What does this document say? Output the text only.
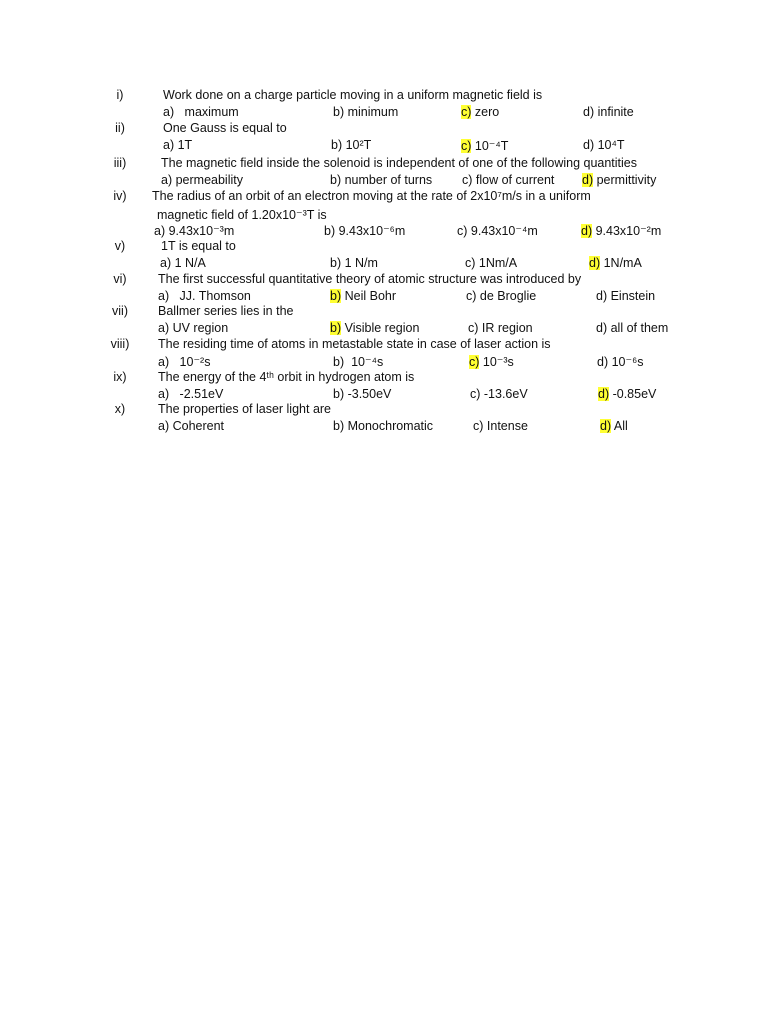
i)	Work done on a charge particle moving in a uniform magnetic field is
a)   maximum	b) minimum	c) zero	d) infinite
ii)	One Gauss is equal to
a) 1T	b) 10²T	c) 10⁻⁴T	d) 10⁴T
iii)	The magnetic field inside the solenoid is independent of one of the following quantities
a) permeability	b) number of turns c) flow of current d) permittivity
iv)	The radius of an orbit of an electron moving at the rate of 2x10⁷m/s in a uniform
magnetic field of 1.20x10⁻³T is
a) 9.43x10⁻³m	b) 9.43x10⁻⁶m	c) 9.43x10⁻⁴m	d) 9.43x10⁻²m
v)	1T is equal to
a) 1 N/A	b) 1 N/m	c) 1Nm/A	d) 1N/mA
vi)	The first successful quantitative theory of atomic structure was introduced by
a)   JJ. Thomson	b) Neil Bohr	c) de Broglie	d) Einstein
vii)	Ballmer series lies in the
a) UV region	b) Visible region	c) IR region	d) all of them
viii)	The residing time of atoms in metastable state in case of laser action is
a)   10⁻²s	b)  10⁻⁴s	c) 10⁻³s	d) 10⁻⁶s
ix)	The energy of the 4ᵗʰ orbit in hydrogen atom is
a)   -2.51eV	b) -3.50eV	c) -13.6eV	d) -0.85eV
x)	The properties of laser light are
a) Coherent	b) Monochromatic	c) Intense	d) All
